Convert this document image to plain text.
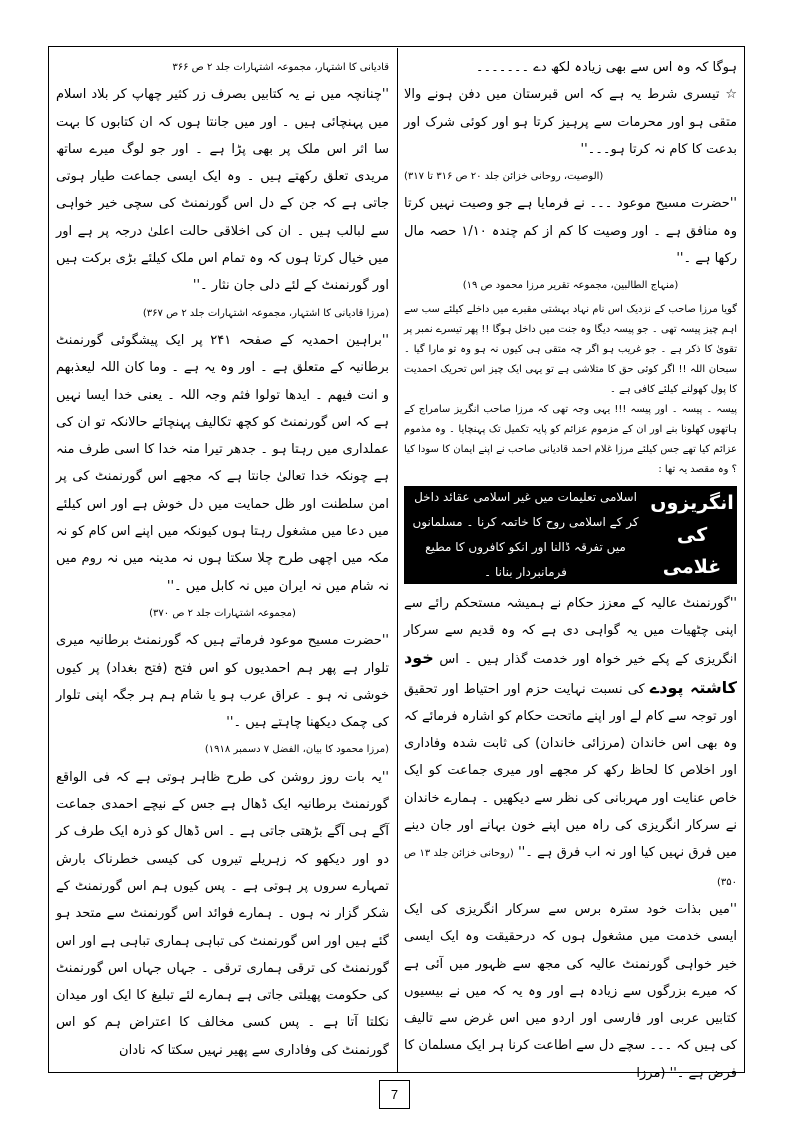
ہوگا کہ وہ اس سے بھی زیادہ لکھ دے ۔۔۔۔۔۔۔

☆ تیسری شرط یہ ہے کہ اس قبرستان میں دفن ہونے والا متقی ہو اور محرمات سے پرہیز کرتا ہو اور کوئی شرک اور بدعت کا کام نہ کرتا ہو۔۔۔''

(الوصیت، روحانی خزائن جلد ۲۰ ص ۳۱۶ تا ۳۱۷)

''حضرت مسیح موعود ۔۔۔ نے فرمایا ہے جو وصیت نہیں کرتا وہ منافق ہے ۔ اور وصیت کا کم از کم چندہ ۱/۱۰ حصہ مال رکھا ہے ۔''

(منہاج الطالبین، مجموعہ تقریر مرزا محمود ص ۱۹)

گویا مرزا صاحب کے نزدیک اس نام نہاد بہشتی مقبرے میں داخلے کیلئے سب سے اہم چیز پیسہ تھی ۔ جو پیسہ دیگا وہ جنت میں داخل ہوگا !! پھر تیسرے نمبر پر تقویٰ کا ذکر ہے ۔ جو غریب ہو اگر چہ متقی ہی کیوں نہ ہو وہ تو مارا گیا ۔ سبحان اللہ !! اگر کوئی حق کا متلاشی ہے تو یہی ایک چیز اس تحریک احمدیت کا پول کھولنے کیلئے کافی ہے ۔

پیسہ ۔ پیسہ ۔ اور پیسہ !!! یہی وجہ تھی کہ مرزا صاحب انگریز سامراج کے ہاتھوں کھلونا بنے اور ان کے مزموم عزائم کو پایہ تکمیل تک پہنچایا ۔ وہ مذموم عزائم کیا تھے جس کیلئے مرزا غلام احمد قادیانی صاحب نے اپنے ایمان کا سودا کیا ؟ وہ مقصد یہ تھا :

انگریزوں کی غلامی
اسلامی تعلیمات میں غیر اسلامی عقائد داخل کر کے اسلامی روح کا خاتمہ کرنا ۔ مسلمانوں میں تفرقہ ڈالنا اور انکو کافروں کا مطیع فرمانبردار بنانا ۔

''گورنمنٹ عالیہ کے معزز حکام نے ہمیشہ مستحکم رائے سے اپنی چٹھیات میں یہ گواہی دی ہے کہ وہ قدیم سے سرکار انگریزی کے پکے خیر خواہ اور خدمت گذار ہیں ۔ اس خود کاشتہ پودے کی نسبت نہایت حزم اور احتیاط اور تحقیق اور توجہ سے کام لے اور اپنے ماتحت حکام کو اشارہ فرمائے کہ وہ بھی اس خاندان (مرزائی خاندان) کی ثابت شدہ وفاداری اور اخلاص کا لحاظ رکھ کر مجھے اور میری جماعت کو ایک خاص عنایت اور مہربانی کی نظر سے دیکھیں ۔ ہمارے خاندان نے سرکار انگریزی کی راہ میں اپنے خون بہانے اور جان دینے میں فرق نہیں کیا اور نہ اب فرق ہے ۔'' (روحانی خزائن جلد ۱۳ ص ۳۵۰)

''میں بذات خود سترہ برس سے سرکار انگریزی کی ایک ایسی خدمت میں مشغول ہوں کہ درحقیقت وہ ایک ایسی خیر خواہی گورنمنٹ عالیہ کی مجھ سے ظہور میں آئی ہے کہ میرے بزرگوں سے زیادہ ہے اور وہ یہ کہ میں نے بیسیوں کتابیں عربی اور فارسی اور اردو میں اس غرض سے تالیف کی ہیں کہ ۔۔۔ سچے دل سے اطاعت کرنا ہر ایک مسلمان کا فرض ہے ۔'' (مرزا

قادیانی کا اشتہار، مجموعہ اشتہارات جلد ۲ ص ۳۶۶

''چنانچہ میں نے یہ کتابیں بصرف زر کثیر چھاپ کر بلاد اسلام میں پہنچائی ہیں ۔ اور میں جانتا ہوں کہ ان کتابوں کا بہت سا اثر اس ملک پر بھی پڑا ہے ۔ اور جو لوگ میرے ساتھ مریدی تعلق رکھتے ہیں ۔ وہ ایک ایسی جماعت طیار ہوتی جاتی ہے کہ جن کے دل اس گورنمنٹ کی سچی خیر خواہی سے لبالب ہیں ۔ ان کی اخلاقی حالت اعلیٰ درجہ پر ہے اور میں خیال کرتا ہوں کہ وہ تمام اس ملک کیلئے بڑی برکت ہیں اور گورنمنٹ کے لئے دلی جان نثار ۔''

(مرزا قادیانی کا اشتہار، مجموعہ اشتہارات جلد ۲ ص ۳۶۷)

''براہین احمدیہ کے صفحہ ۲۴۱ پر ایک پیشگوئی گورنمنٹ برطانیہ کے متعلق ہے ۔ اور وہ یہ ہے ۔ وما کان اللہ لیعذبھم و انت فیھم ۔ ایدھا تولوا فثم وجہ اللہ ۔ یعنی خدا ایسا نہیں ہے کہ اس گورنمنٹ کو کچھ تکالیف پہنچائے حالانکہ تو ان کی عملداری میں رہتا ہو ۔ جدھر تیرا منہ خدا کا اسی طرف منہ ہے چونکہ خدا تعالیٰ جانتا ہے کہ مجھے اس گورنمنٹ کی پر امن سلطنت اور ظل حمایت میں دل خوش ہے اور اس کیلئے میں دعا میں مشغول رہتا ہوں کیونکہ میں اپنے اس کام کو نہ مکہ میں اچھی طرح چلا سکتا ہوں نہ مدینہ میں نہ روم میں نہ شام میں نہ ایران میں نہ کابل میں ۔''

(مجموعہ اشتہارات جلد ۲ ص ۳۷۰)

''حضرت مسیح موعود فرماتے ہیں کہ گورنمنٹ برطانیہ میری تلوار ہے پھر ہم احمدیوں کو اس فتح (فتح بغداد) پر کیوں خوشی نہ ہو ۔ عراق عرب ہو یا شام ہم ہر جگہ اپنی تلوار کی چمک دیکھنا چاہتے ہیں ۔''

(مرزا محمود کا بیان، الفضل ۷ دسمبر ۱۹۱۸)

''یہ بات روز روشن کی طرح ظاہر ہوتی ہے کہ فی الواقع گورنمنٹ برطانیہ ایک ڈھال ہے جس کے نیچے احمدی جماعت آگے ہی آگے بڑھتی جاتی ہے ۔ اس ڈھال کو ذرہ ایک طرف کر دو اور دیکھو کہ زہریلے تیروں کی کیسی خطرناک بارش تمہارے سروں پر ہوتی ہے ۔ پس کیوں ہم اس گورنمنٹ کے شکر گزار نہ ہوں ۔ ہمارے فوائد اس گورنمنٹ سے متحد ہو گئے ہیں اور اس گورنمنٹ کی تباہی ہماری تباہی ہے اور اس گورنمنٹ کی ترقی ہماری ترقی ۔ جہاں جہاں اس گورنمنٹ کی حکومت پھیلتی جاتی ہے ہمارے لئے تبلیغ کا ایک اور میدان نکلتا آتا ہے ۔ پس کسی مخالف کا اعتراض ہم کو اس گورنمنٹ کی وفاداری سے پھیر نہیں سکتا کہ نادان

7
